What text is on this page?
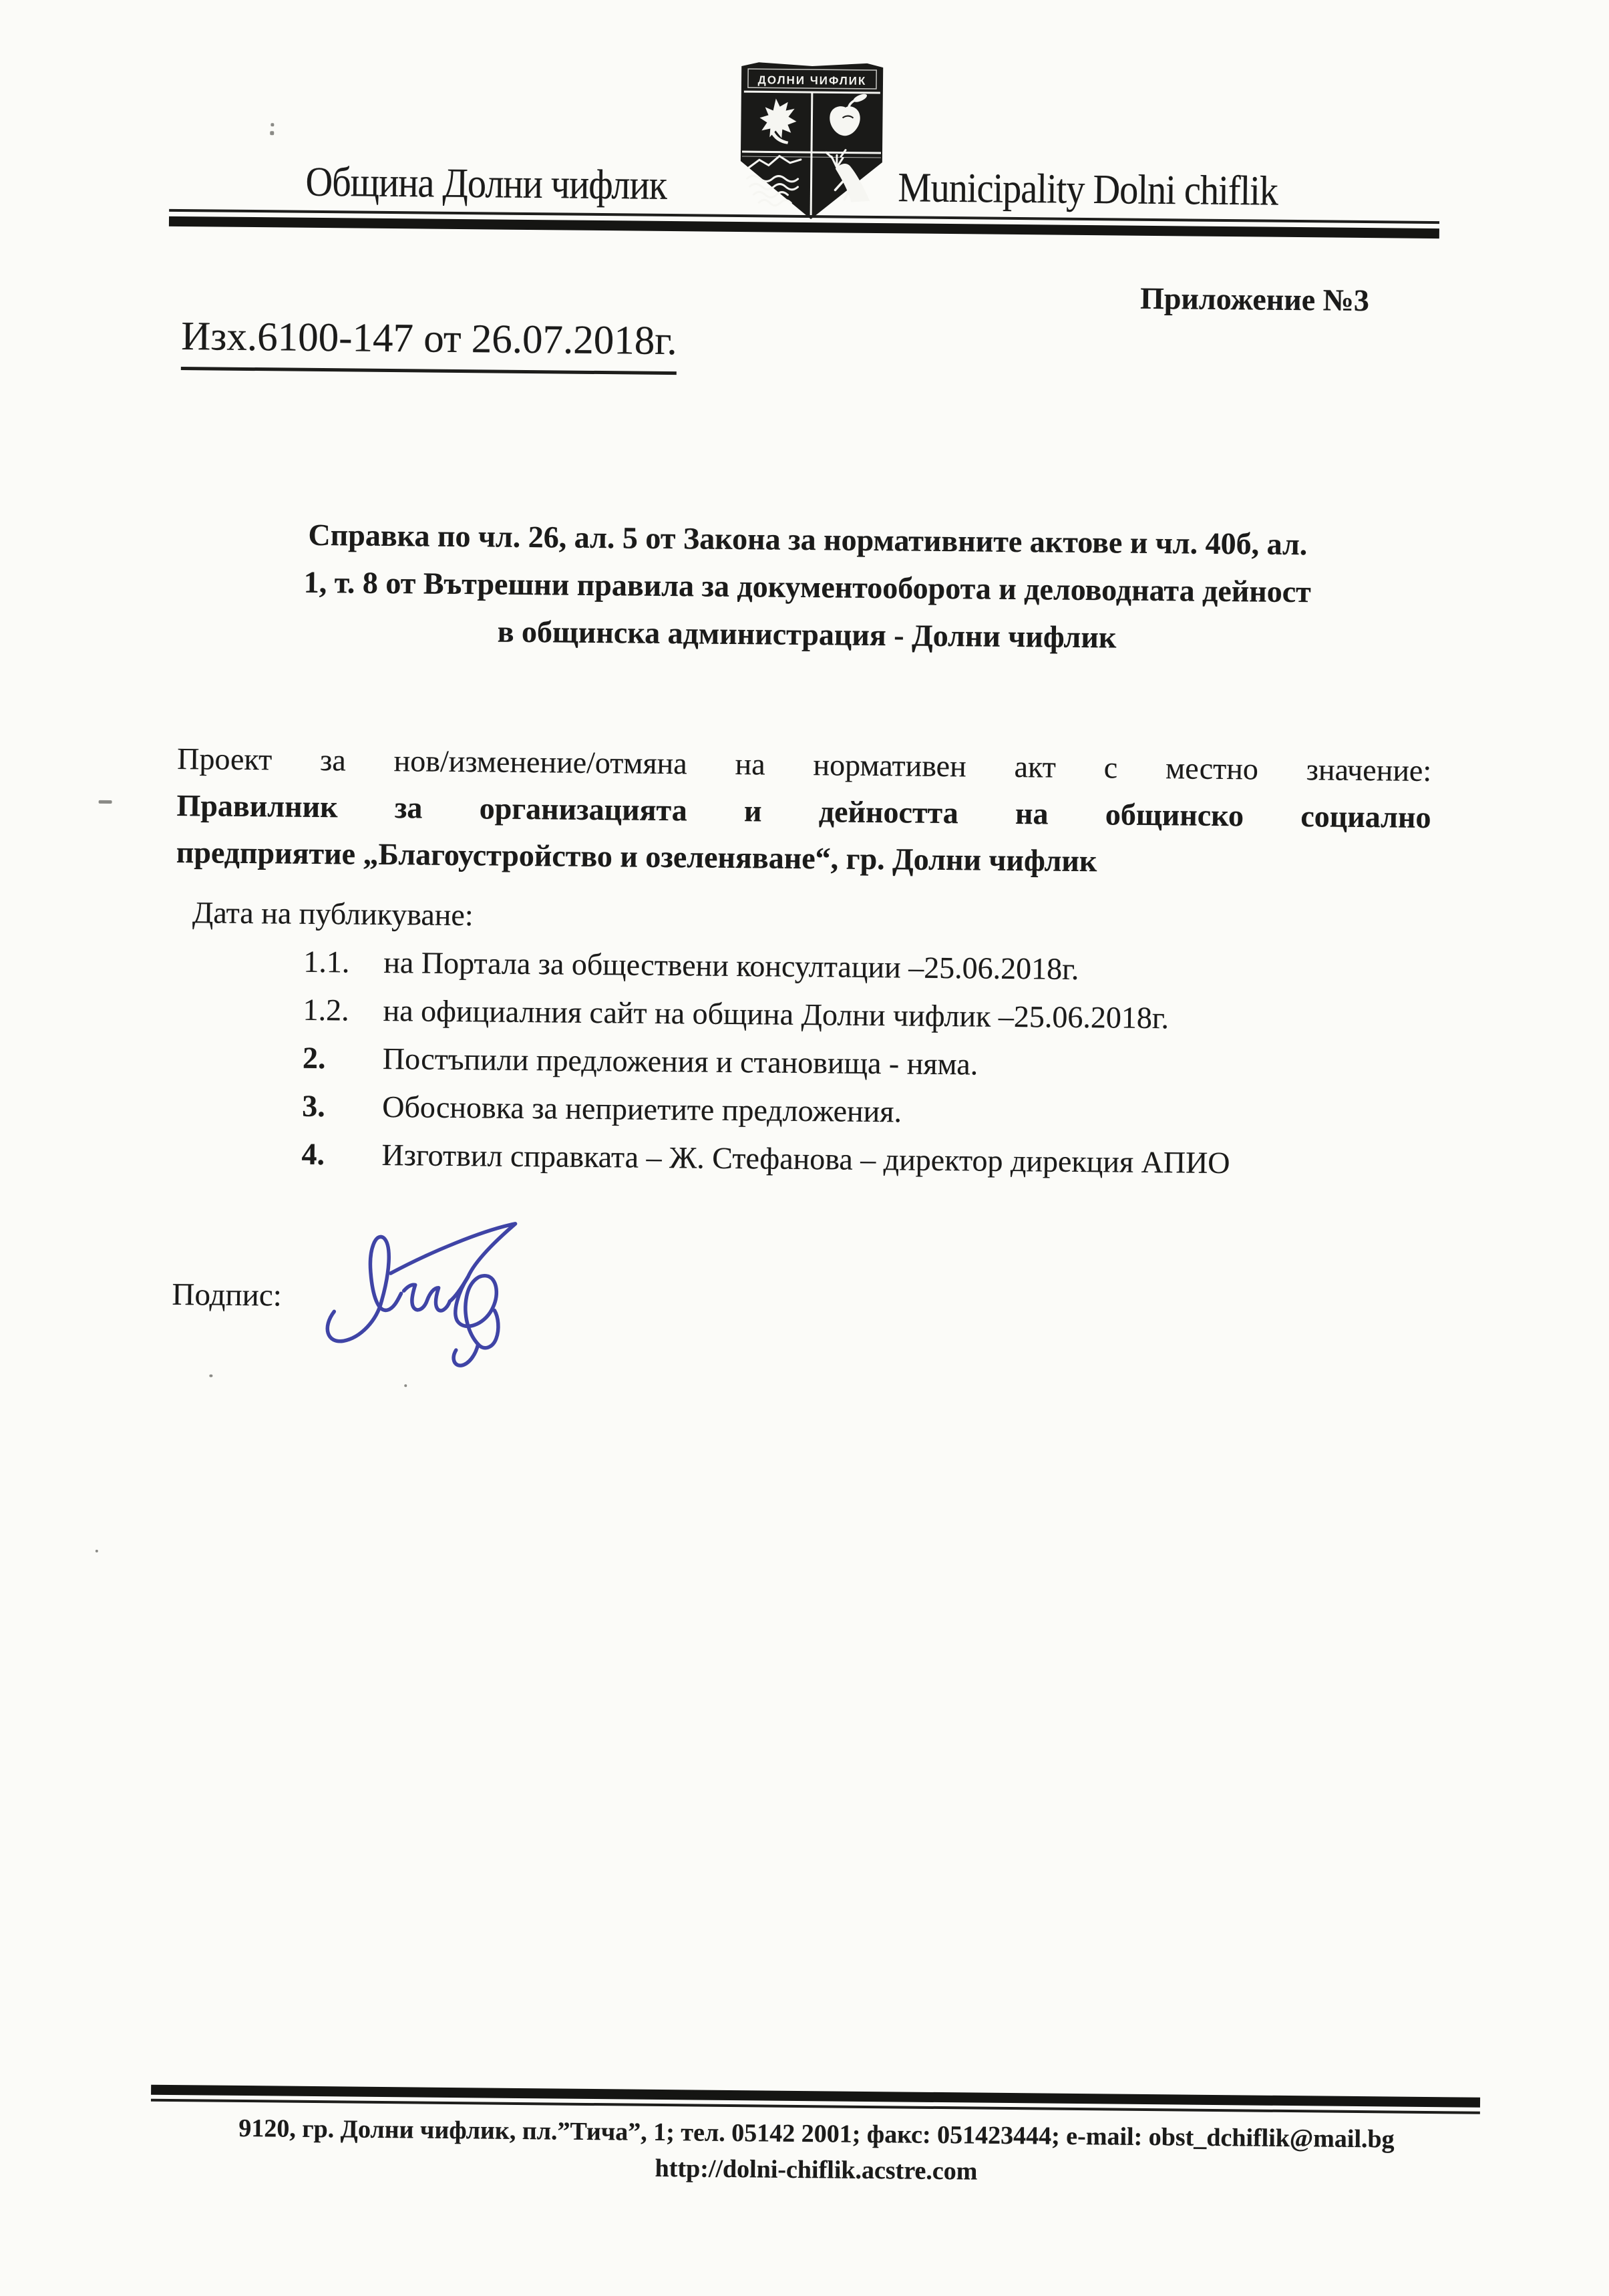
Община Долни чифлик	Municipality Dolni chiflik
ДОЛНИ ЧИФЛИК
Приложение №3
Изх.6100-147 от 26.07.2018г.
Справка по чл. 26, ал. 5 от Закона за нормативните актове и чл. 40б, ал.
1, т. 8 от Вътрешни правила за документооборота и деловодната дейност
в общинска администрация - Долни чифлик
Проект за нов/изменение/отмяна на нормативен акт с местно значение:
Правилник за организацията и дейността на общинско социално
предприятие „Благоустройство и озеленяване“, гр. Долни чифлик
Дата на публикуване:
1.1. на Портала за обществени консултации –25.06.2018г.
1.2. на официалния сайт на община Долни чифлик –25.06.2018г.
2. Постъпили предложения и становища - няма.
3. Обосновка за неприетите предложения.
4. Изготвил справката – Ж. Стефанова – директор дирекция АПИО
Подпис:
9120, гр. Долни чифлик, пл.”Тича”, 1; тел. 05142 2001; факс: 051423444; e-mail: obst_dchiflik@mail.bg
http://dolni-chiflik.acstre.com
